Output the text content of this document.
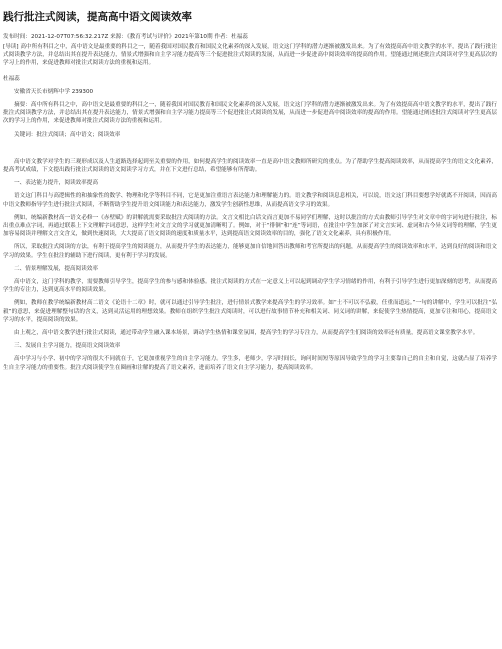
践行批注式阅读，提高高中语文阅读效率
发布时间：2021-12-07T07:56:32.217Z 来源：《教育考试与评价》2021年第10期 作者：杜福蕊

[导读] 高中所有科目之中，高中语文是最重要的科目之一，随着我国对国民教育和国民文化素养的深入发展，语文这门学科的潜力逐渐被激发出来。为了有效提高高中语文教学的水平，提出了践行批注式阅读教学方法，并总结出其在提升表达能力，情景式增强和自主学习能力提高等三个促进批注式阅读的发展，从而进一步促进高中阅读效率的提高的作用。望能通过阐述批注式阅读对学生更高层次的学习上的作用，来促进教师对批注式阅读方法的重视和运用。

杜福蕊

安徽省天长市炳辉中学 239300

摘要：高中所有科目之中，高中语文是最重要的科目之一，随着我国对国民教育和国民文化素养的深入发展，语文这门学科的潜力逐渐被激发出来。为了有效提高高中语文教学的水平，提出了践行批注式阅读教学方法，并总结出其在提升表达能力，情景式增强和自主学习能力提高等三个促进批注式阅读的发展，从而进一步促进高中阅读效率的提高的作用。望能通过阐述批注式阅读对学生更高层次的学习上的作用，来促进教师对批注式阅读方法的重视和运用。

关键词：批注式阅读；高中语文；阅读效率

高中语文教学对学生的三观形成以及人生道路选择起到至关重要的作用，如何提高学生的阅读效率一直是高中语文教师所研究的重点。为了帮助学生提高阅读效率，从而提高学生的语文文化素养，提高考试成绩，下文提出践行批注式阅读的语文阅读学习方式，并在下文进行总结，希望能够有所帮助。

一、表达能力提升，阅读效率提高

语文这门科目与高逻辑性的和抽象性的数学、物理和化学等科目不同，它是更加注重语言表达能力和理解能力的。语文教学和阅读息息相关，可以说，语文这门科目要想学好就离不开阅读，因而高中语文教师指导学生进行批注式阅读，不断帮助学生提升语文阅读能力和表达能力，激发学生创新性思维，从而提高语文学习的效果。

例如，统编新教材高一语文必修一《赤壁赋》的讲解就需要采取批注式阅读的方法。文言文相比白话文而言更加不易同学们理解，这时以批注的方式由教师引导学生对文章中的字词句进行批注，标出重点难点字词，再通过联系上下文理解字词意思，这样学生对文言文的学习就更加清晰明了。例如，对于“徘徊”和“连”等词语，在批注中学生加深了对文言实词、虚词和古今异义词等的理解，学生更加容易阅读并理解文言文含义，做到快速阅读，大大提高了语文阅读的速度和质量水平，达到提高语文阅读效率的目的，强化了语文文化素养，具有积极作用。

所以，采取批注式阅读的方法，有利于提高学生的阅读能力，从而提升学生的表达能力，能够更加自信地回答出教师和考官所提出的问题，从而提高学生的阅读效率和水平，达到良好的阅读和语文学习的效果。学生在批注的辅助下进行阅读，更有利于学习的发展。

二、情景理解发展，提高阅读效率

高中语文，这门学科的教学，需要教师引导学生，提高学生的参与感和体验感。批注式阅读的方式在一定意义上可以起到调动学生学习情绪的作用，有利于引导学生进行更加深刻的思考，从而提高学生的专注力，达到更高水平的阅读效果。

例如，教师在教学统编新教材高二语文《论语十二章》时，就可以通过引导学生批注，进行情景式教学来提高学生的学习效率。如“士不可以不弘毅，任重而道远。”一句的讲解中，学生可以批注“弘毅”的意思，来促进理解整句话的含义，达到灵活运用的理想效果。教师在组织学生批注式阅读时，可以进行故事情节补充和相关词、同义词的讲解，来促使学生热情提高，更加专注和用心，提高语文学习的水平，提高阅读的效果。

由上观之，高中语文教学进行批注式阅读，通过带动学生融入课本场景，调动学生热情和课堂氛围，提高学生的学习专注力，从而提高学生们阅读的效率还有质量，提高语文课堂教学水平。

三、发展自主学习能力，提高语文阅读效率

高中学习与小学、初中的学习的很大不同就在于，它更加重视学生的自主学习能力。学生多，老师少，学习时间长，询问时间短等原因导致学生的学习主要靠自己的自主和自觉，这就凸显了培养学生自主学习能力的重要性。批注式阅读使学生在圈画和注解的提高了语文素养，进而培养了语文自主学习能力，提高阅读效率。
